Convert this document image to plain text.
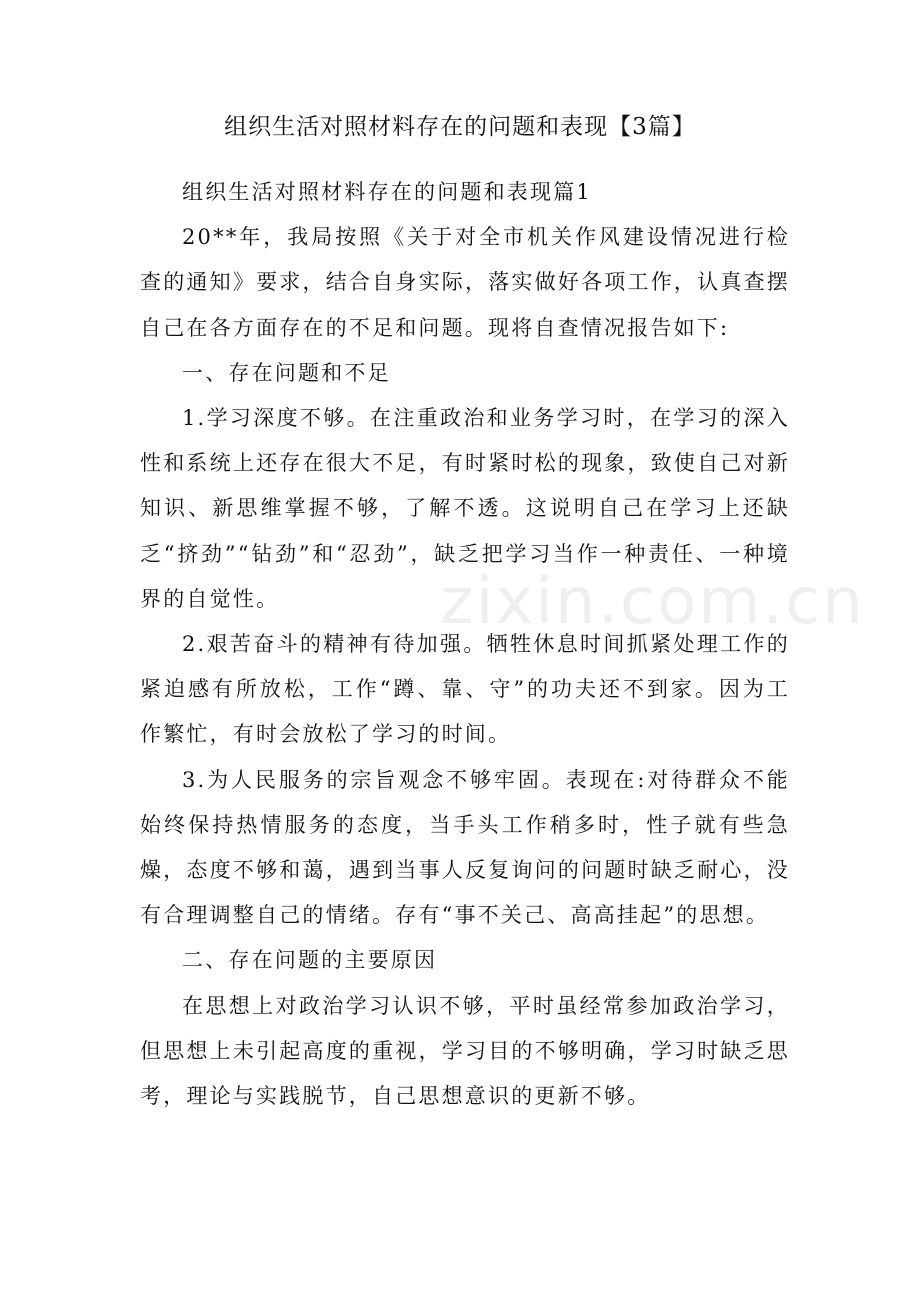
组织生活对照材料存在的问题和表现【3篇】

组织生活对照材料存在的问题和表现篇1

20**年，我局按照《关于对全市机关作风建设情况进行检查的通知》要求，结合自身实际，落实做好各项工作，认真查摆自己在各方面存在的不足和问题。现将自查情况报告如下:

一、存在问题和不足

1.学习深度不够。在注重政治和业务学习时，在学习的深入性和系统上还存在很大不足，有时紧时松的现象，致使自己对新知识、新思维掌握不够，了解不透。这说明自己在学习上还缺乏“挤劲”“钻劲”和“忍劲”，缺乏把学习当作一种责任、一种境界的自觉性。

2.艰苦奋斗的精神有待加强。牺牲休息时间抓紧处理工作的紧迫感有所放松，工作“蹲、靠、守”的功夫还不到家。因为工作繁忙，有时会放松了学习的时间。

3.为人民服务的宗旨观念不够牢固。表现在:对待群众不能始终保持热情服务的态度，当手头工作稍多时，性子就有些急燥，态度不够和蔼，遇到当事人反复询问的问题时缺乏耐心，没有合理调整自己的情绪。存有“事不关己、高高挂起”的思想。

二、存在问题的主要原因

在思想上对政治学习认识不够，平时虽经常参加政治学习，但思想上未引起高度的重视，学习目的不够明确，学习时缺乏思考，理论与实践脱节，自己思想意识的更新不够。

zixin.com.cn
